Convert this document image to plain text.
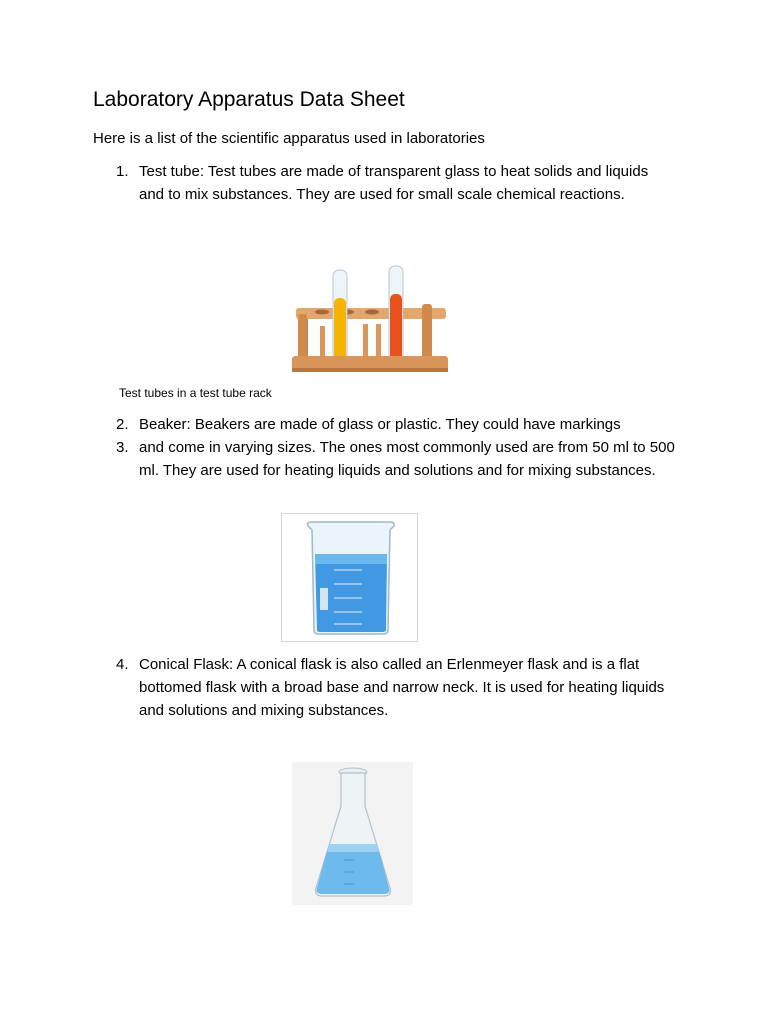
Laboratory Apparatus Data Sheet

Here is a list of the scientific apparatus used in laboratories

1. Test tube: Test tubes are made of transparent glass to heat solids and liquids and to mix substances. They are used for small scale chemical reactions.
Test tubes in a test tube rack
2. Beaker: Beakers are made of glass or plastic. They could have markings
3. and come in varying sizes. The ones most commonly used are from 50 ml to 500 ml. They are used for heating liquids and solutions and for mixing substances.
4. Conical Flask: A conical flask is also called an Erlenmeyer flask and is a flat bottomed flask with a broad base and narrow neck. It is used for heating liquids and solutions and mixing substances.
